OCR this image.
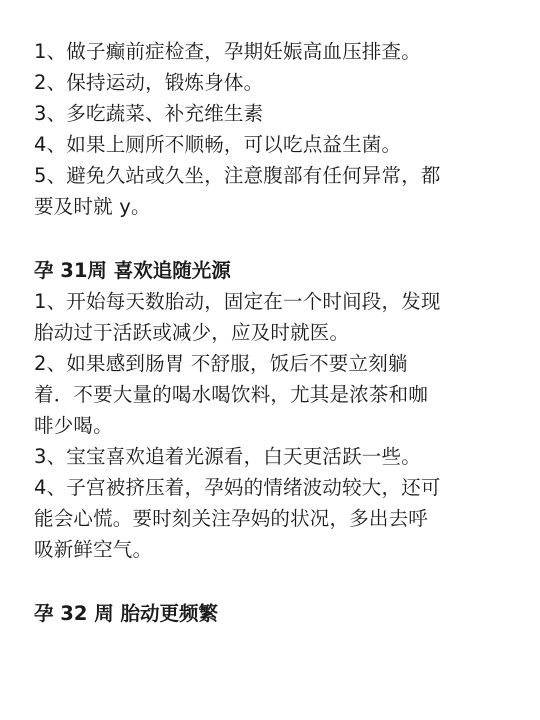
1、做子癫前症检查，孕期妊娠高血压排查。
2、保持运动，锻炼身体。
3、多吃蔬菜、补充维生素
4、如果上厕所不顺畅，可以吃点益生菌。
5、避免久站或久坐，注意腹部有任何异常，都
要及时就 y。
孕 31周 喜欢追随光源
1、开始每天数胎动，固定在一个时间段，发现
胎动过于活跃或减少，应及时就医。
2、如果感到肠胃 不舒服，饭后不要立刻躺
着．不要大量的喝水喝饮料，尤其是浓茶和咖
啡少喝。
3、宝宝喜欢追着光源看，白天更活跃一些。
4、子宫被挤压着，孕妈的情绪波动较大，还可
能会心慌。要时刻关注孕妈的状况，多出去呼
吸新鲜空气。
孕 32 周 胎动更频繁
